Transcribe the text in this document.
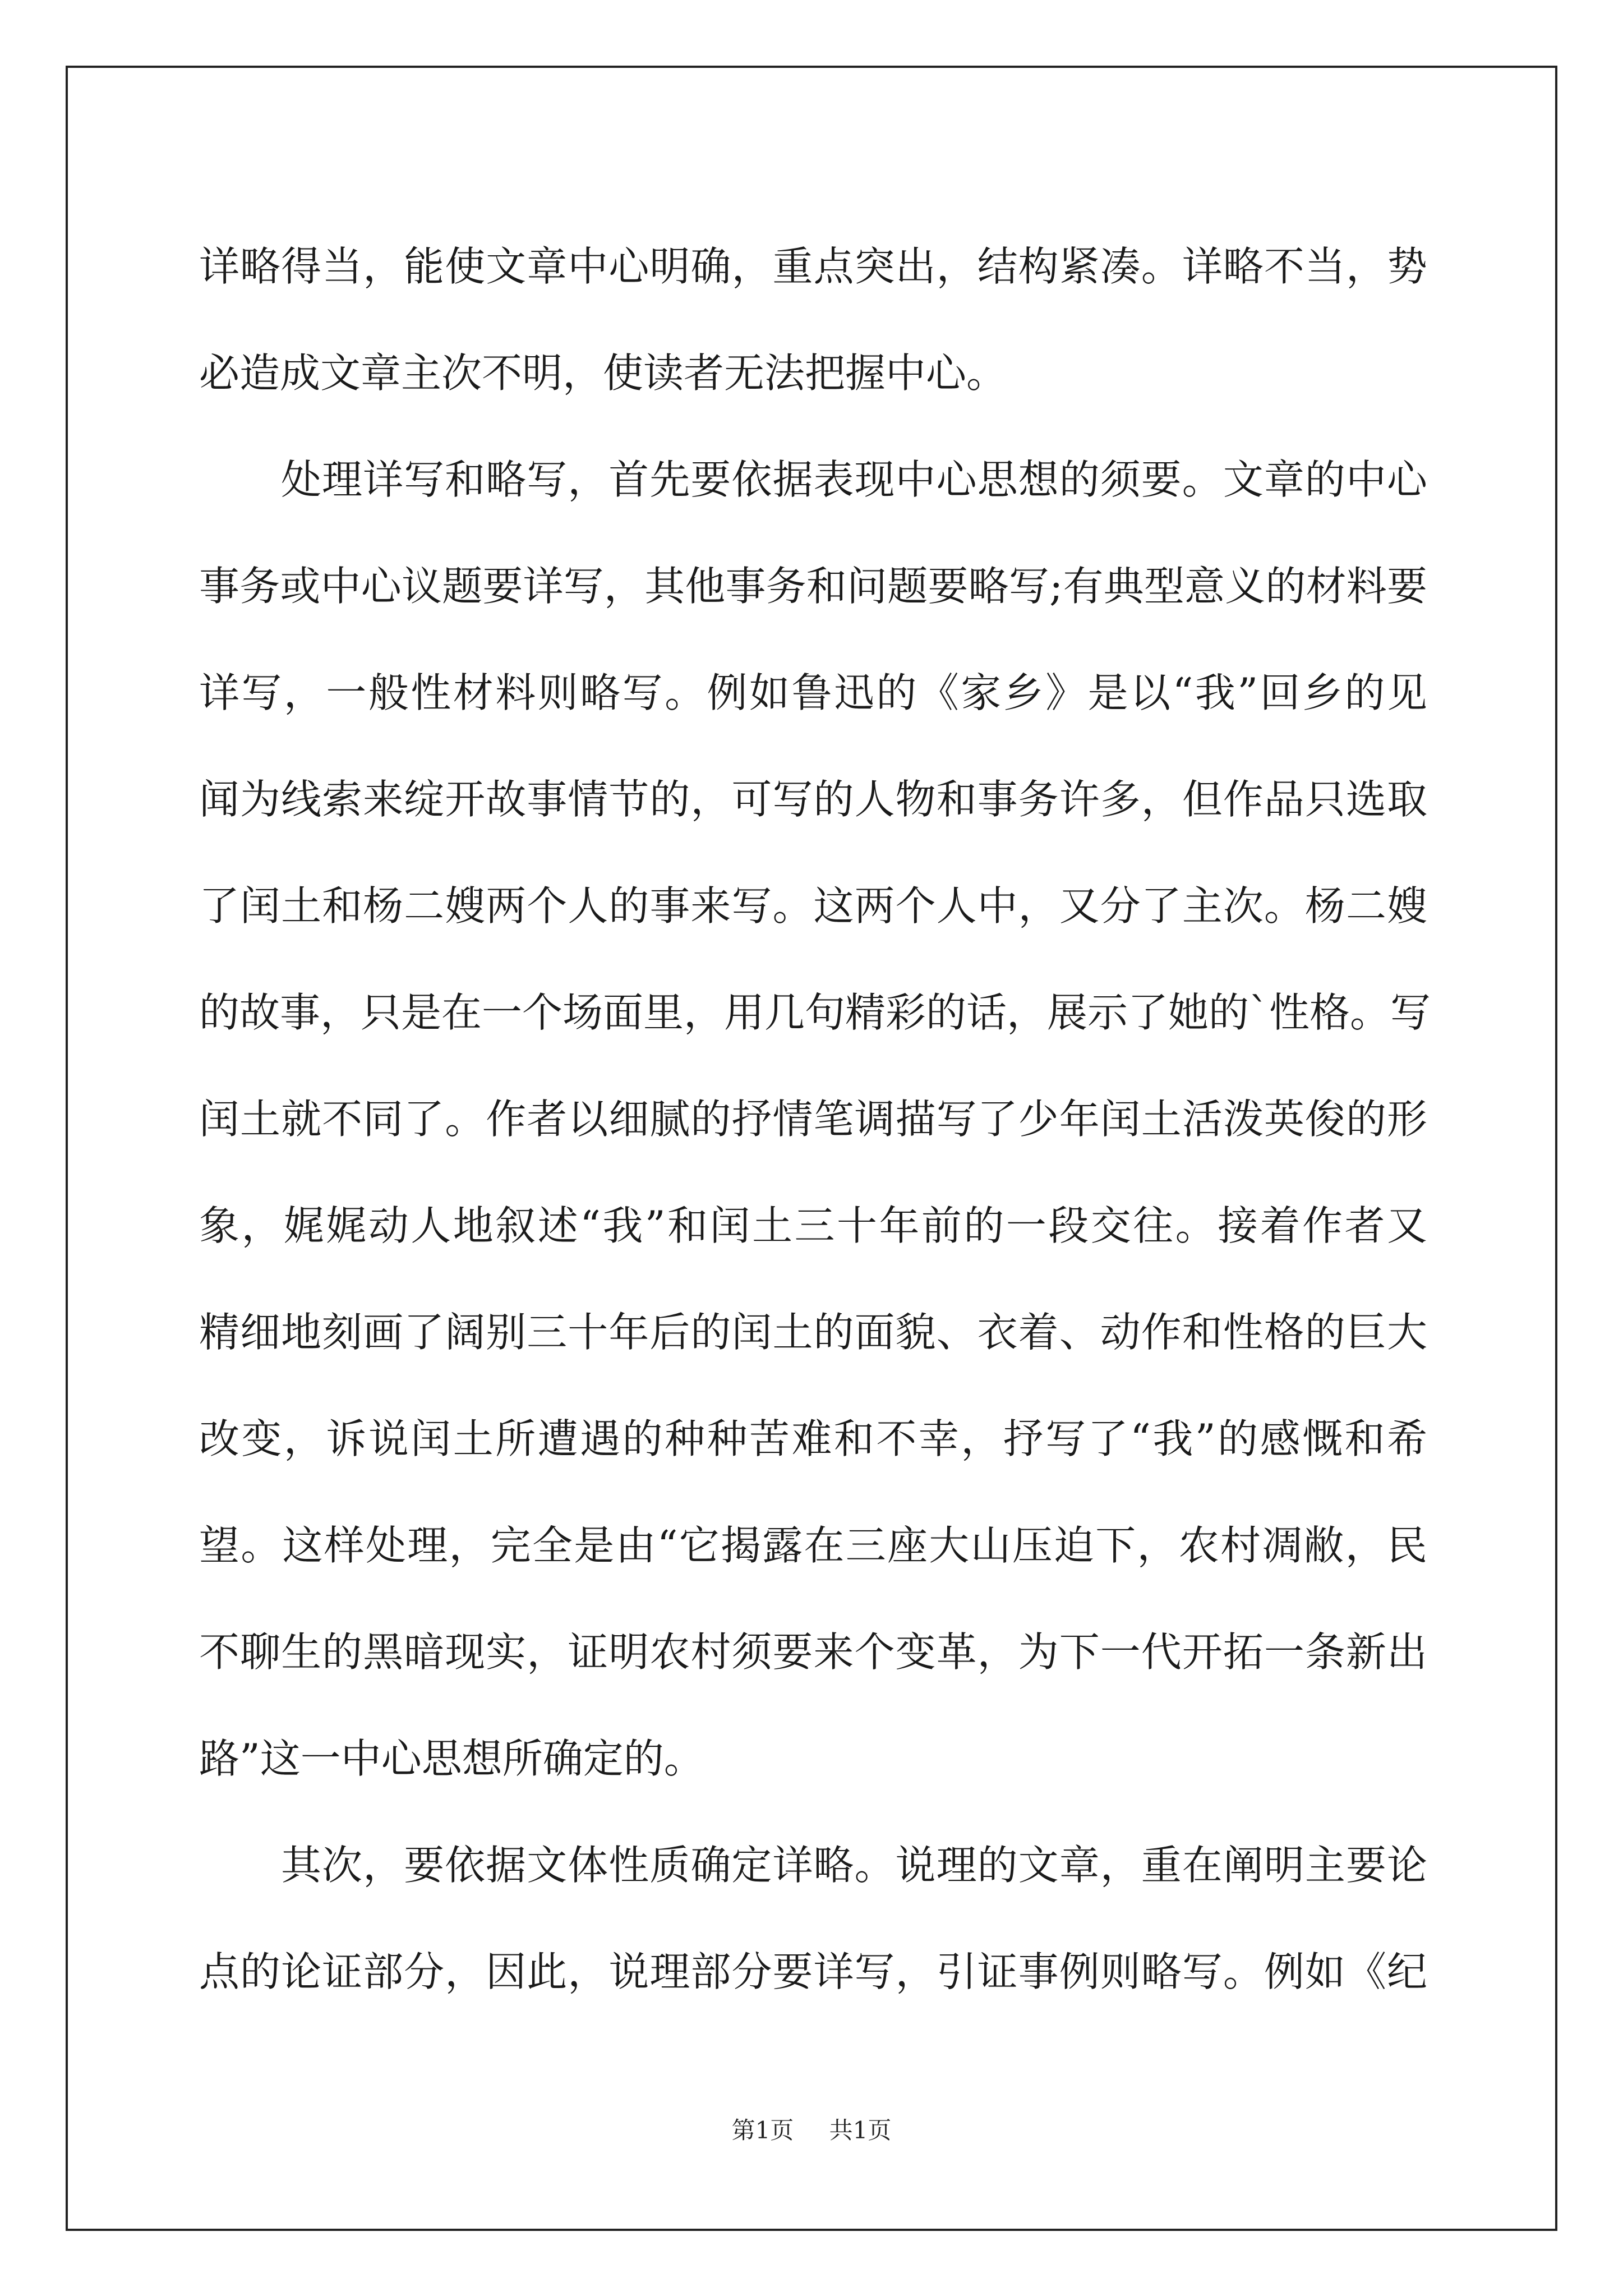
详略得当，能使文章中心明确，重点突出，结构紧凑。详略不当，势
必造成文章主次不明，使读者无法把握中心。
处理详写和略写，首先要依据表现中心思想的须要。文章的中心
事务或中心议题要详写，其他事务和问题要略写;有典型意义的材料要
详写，一般性材料则略写。例如鲁迅的《家乡》是以“我”回乡的见
闻为线索来绽开故事情节的，可写的人物和事务许多，但作品只选取
了闰土和杨二嫂两个人的事来写。这两个人中，又分了主次。杨二嫂
的故事，只是在一个场面里，用几句精彩的话，展示了她的`性格。写
闰土就不同了。作者以细腻的抒情笔调描写了少年闰土活泼英俊的形
象，娓娓动人地叙述“我”和闰土三十年前的一段交往。接着作者又
精细地刻画了阔别三十年后的闰土的面貌、衣着、动作和性格的巨大
改变，诉说闰土所遭遇的种种苦难和不幸，抒写了“我”的感慨和希
望。这样处理，完全是由“它揭露在三座大山压迫下，农村凋敝，民
不聊生的黑暗现实，证明农村须要来个变革，为下一代开拓一条新出
路”这一中心思想所确定的。
其次，要依据文体性质确定详略。说理的文章，重在阐明主要论
点的论证部分，因此，说理部分要详写，引证事例则略写。例如《纪
第1页 共1页
